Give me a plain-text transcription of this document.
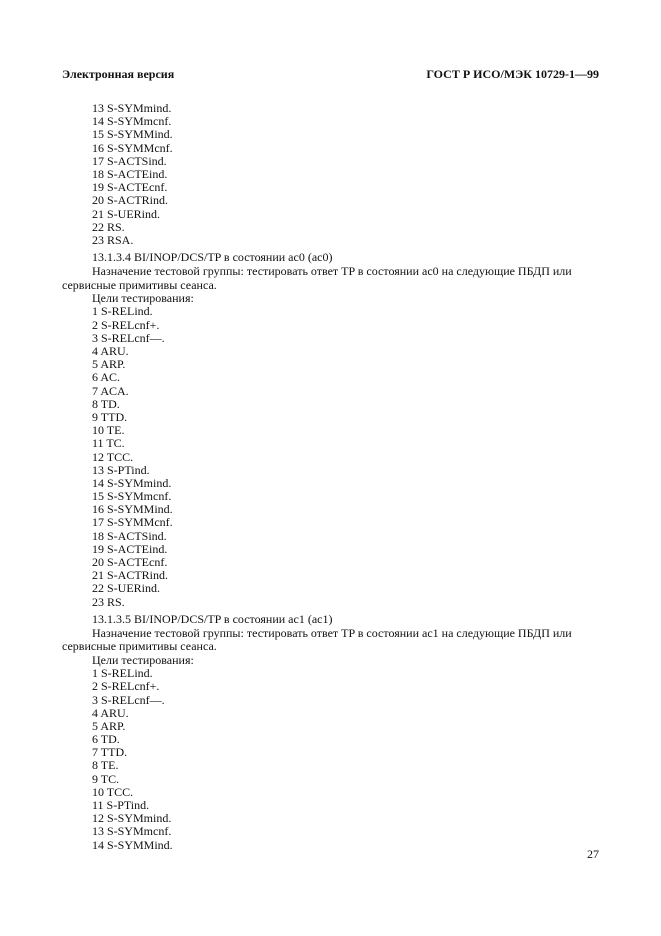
Электронная версия	ГОСТ Р ИСО/МЭК 10729-1—99
13 S-SYMmind.
14 S-SYMmcnf.
15 S-SYMMind.
16 S-SYMMcnf.
17 S-ACTSind.
18 S-ACTEind.
19 S-ACTEcnf.
20 S-ACTRind.
21 S-UERind.
22 RS.
23 RSA.
13.1.3.4 BI/INOP/DCS/TP в состоянии ac0 (ac0)
Назначение тестовой группы: тестировать ответ TP в состоянии ac0 на следующие ПБДП или сервисные примитивы сеанса.
Цели тестирования:
1 S-RELind.
2 S-RELcnf+.
3 S-RELcnf—.
4 ARU.
5 ARP.
6 AC.
7 ACA.
8 TD.
9 TTD.
10 TE.
11 TC.
12 TCC.
13 S-PTind.
14 S-SYMmind.
15 S-SYMmcnf.
16 S-SYMMind.
17 S-SYMMcnf.
18 S-ACTSind.
19 S-ACTEind.
20 S-ACTEcnf.
21 S-ACTRind.
22 S-UERind.
23 RS.
13.1.3.5 BI/INOP/DCS/TP в состоянии ac1 (ac1)
Назначение тестовой группы: тестировать ответ TP в состоянии ac1 на следующие ПБДП или сервисные примитивы сеанса.
Цели тестирования:
1 S-RELind.
2 S-RELcnf+.
3 S-RELcnf—.
4 ARU.
5 ARP.
6 TD.
7 TTD.
8 TE.
9 TC.
10 TCC.
11 S-PTind.
12 S-SYMmind.
13 S-SYMmcnf.
14 S-SYMMind.
27
